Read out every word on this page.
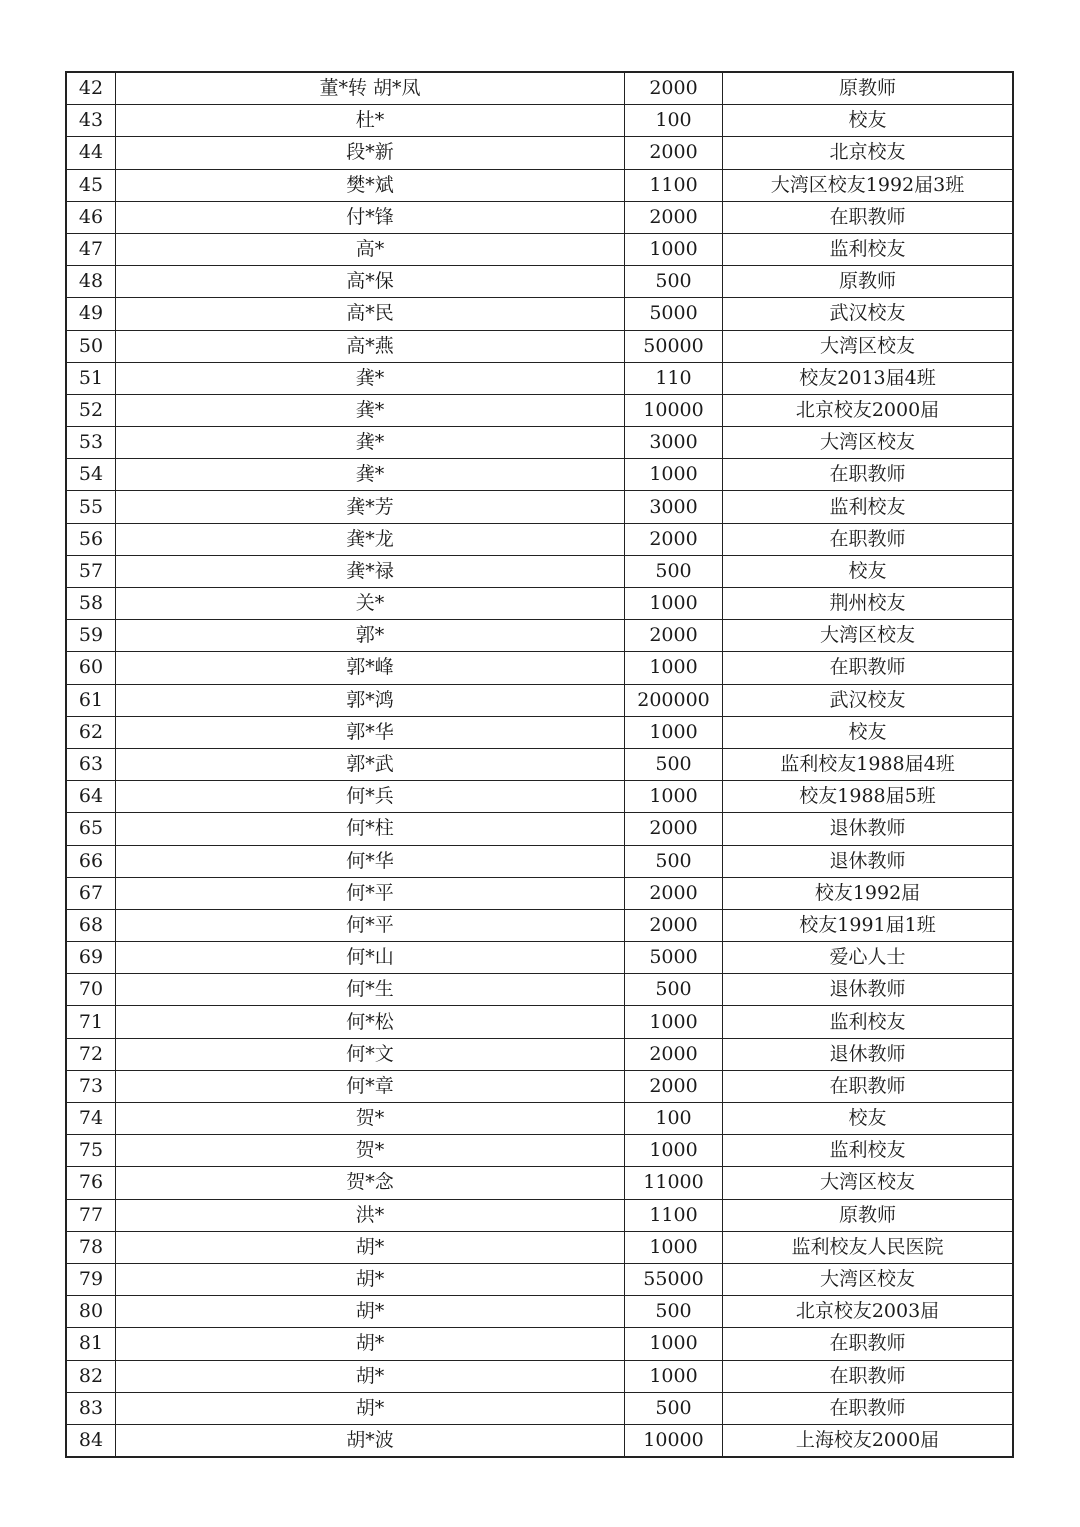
42	董*转 胡*凤	2000	原教师
43	杜*	100	校友
44	段*新	2000	北京校友
45	樊*斌	1100	大湾区校友1992届3班
46	付*锋	2000	在职教师
47	高*	1000	监利校友
48	高*保	500	原教师
49	高*民	5000	武汉校友
50	高*燕	50000	大湾区校友
51	龚*	110	校友2013届4班
52	龚*	10000	北京校友2000届
53	龚*	3000	大湾区校友
54	龚*	1000	在职教师
55	龚*芳	3000	监利校友
56	龚*龙	2000	在职教师
57	龚*禄	500	校友
58	关*	1000	荆州校友
59	郭*	2000	大湾区校友
60	郭*峰	1000	在职教师
61	郭*鸿	200000	武汉校友
62	郭*华	1000	校友
63	郭*武	500	监利校友1988届4班
64	何*兵	1000	校友1988届5班
65	何*柱	2000	退休教师
66	何*华	500	退休教师
67	何*平	2000	校友1992届
68	何*平	2000	校友1991届1班
69	何*山	5000	爱心人士
70	何*生	500	退休教师
71	何*松	1000	监利校友
72	何*文	2000	退休教师
73	何*章	2000	在职教师
74	贺*	100	校友
75	贺*	1000	监利校友
76	贺*念	11000	大湾区校友
77	洪*	1100	原教师
78	胡*	1000	监利校友人民医院
79	胡*	55000	大湾区校友
80	胡*	500	北京校友2003届
81	胡*	1000	在职教师
82	胡*	1000	在职教师
83	胡*	500	在职教师
84	胡*波	10000	上海校友2000届
